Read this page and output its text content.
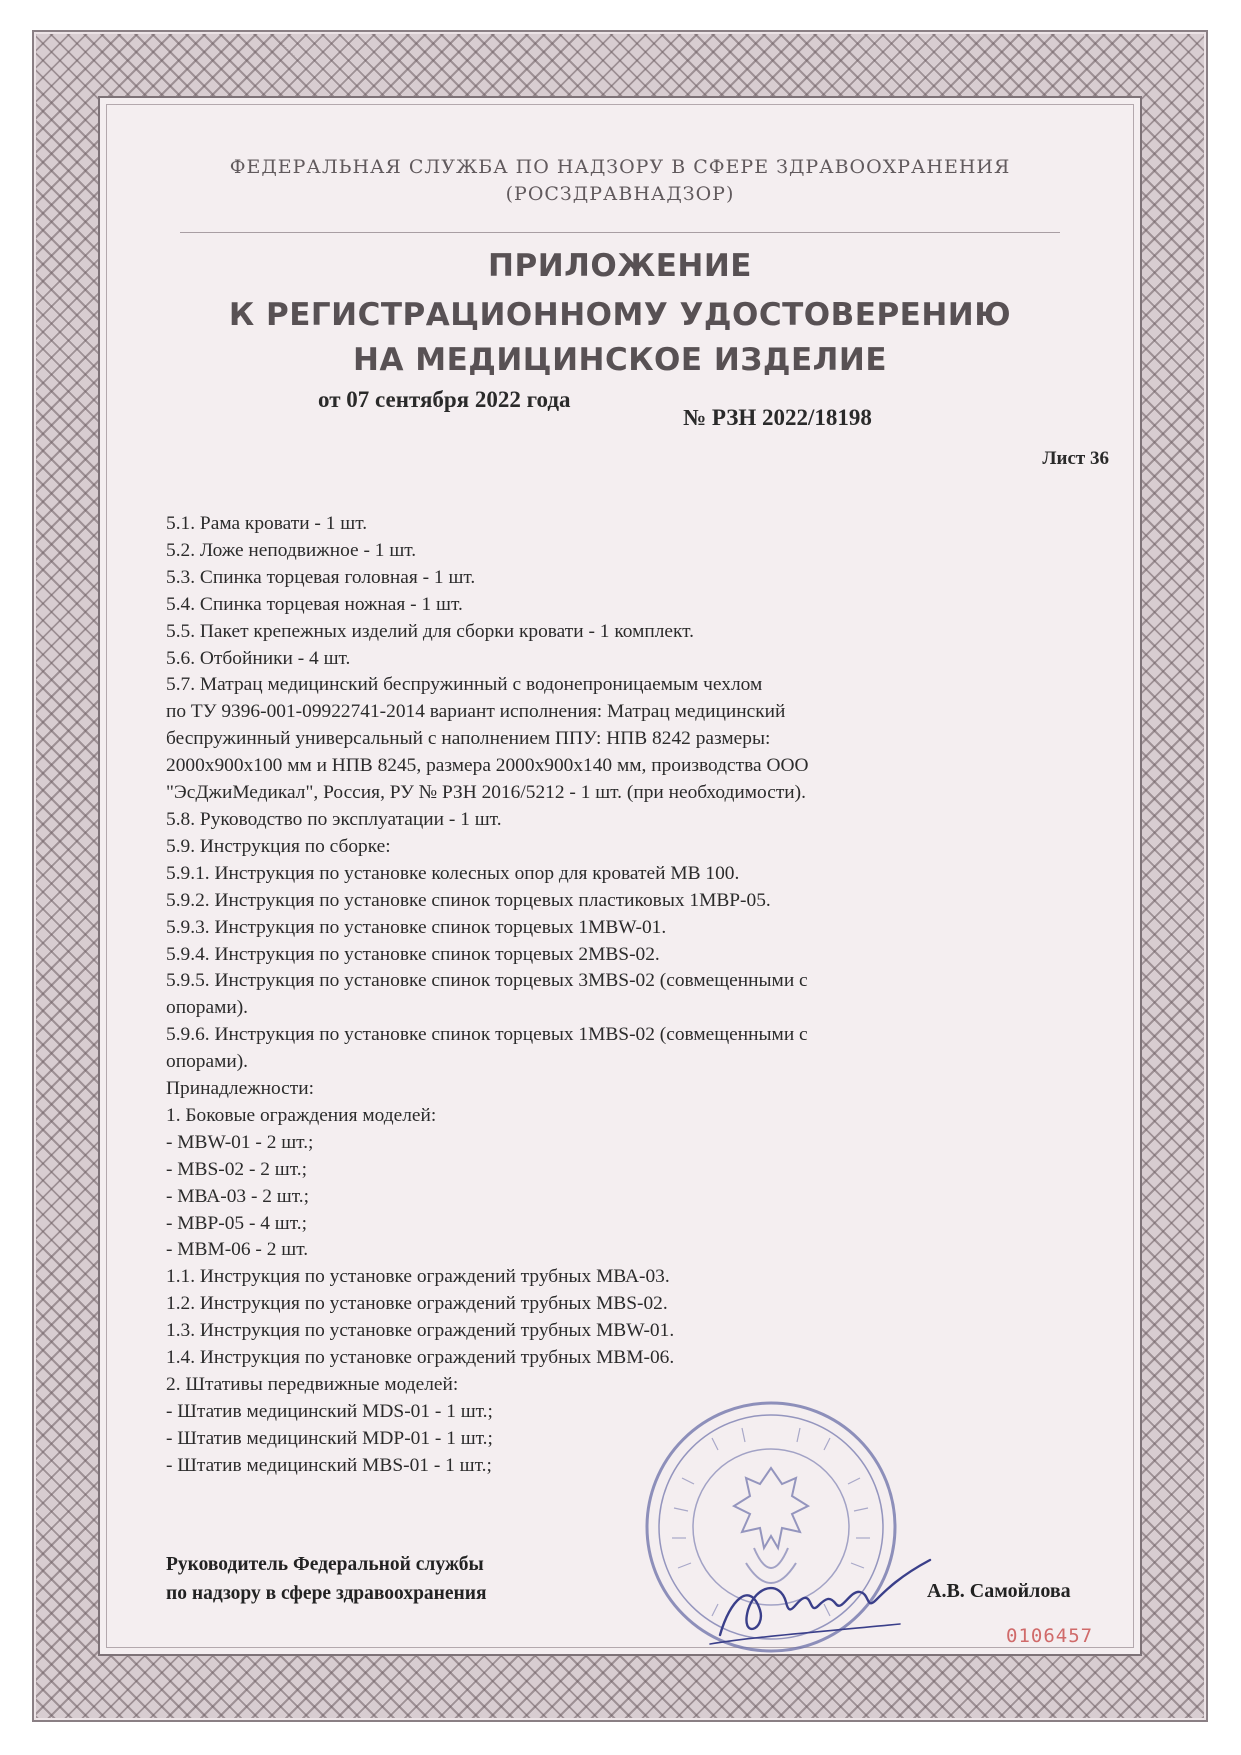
ФЕДЕРАЛЬНАЯ СЛУЖБА ПО НАДЗОРУ В СФЕРЕ ЗДРАВООХРАНЕНИЯ
(РОСЗДРАВНАДЗОР)
ПРИЛОЖЕНИЕ
К РЕГИСТРАЦИОННОМУ УДОСТОВЕРЕНИЮ
НА МЕДИЦИНСКОЕ ИЗДЕЛИЕ
от 07 сентября 2022 года
№ РЗН 2022/18198
Лист 36
5.1. Рама кровати - 1 шт.
5.2. Ложе неподвижное - 1 шт.
5.3. Спинка торцевая головная - 1 шт.
5.4. Спинка торцевая ножная - 1 шт.
5.5. Пакет крепежных изделий для сборки кровати - 1 комплект.
5.6. Отбойники - 4 шт.
5.7. Матрац медицинский беспружинный с водонепроницаемым чехлом
по ТУ 9396-001-09922741-2014 вариант исполнения: Матрац медицинский
беспружинный универсальный с наполнением ППУ: НПВ 8242 размеры:
2000х900х100 мм и НПВ 8245, размера 2000х900х140 мм, производства ООО
"ЭсДжиМедикал", Россия, РУ № РЗН 2016/5212 - 1 шт. (при необходимости).
5.8. Руководство по эксплуатации - 1 шт.
5.9. Инструкция по сборке:
5.9.1. Инструкция по установке колесных опор для кроватей МВ 100.
5.9.2. Инструкция по установке спинок торцевых пластиковых 1МВР-05.
5.9.3. Инструкция по установке спинок торцевых 1MBW-01.
5.9.4. Инструкция по установке спинок торцевых 2MBS-02.
5.9.5. Инструкция по установке спинок торцевых 3MBS-02 (совмещенными с
опорами).
5.9.6. Инструкция по установке спинок торцевых 1MBS-02 (совмещенными с
опорами).
Принадлежности:
1. Боковые ограждения моделей:
- MBW-01 - 2 шт.;
- MBS-02 - 2 шт.;
- МВА-03 - 2 шт.;
- МВР-05 - 4 шт.;
- МВМ-06 - 2 шт.
1.1. Инструкция по установке ограждений трубных МВА-03.
1.2. Инструкция по установке ограждений трубных MBS-02.
1.3. Инструкция по установке ограждений трубных MBW-01.
1.4. Инструкция по установке ограждений трубных МВМ-06.
2. Штативы передвижные моделей:
- Штатив медицинский MDS-01 - 1 шт.;
- Штатив медицинский MDP-01 - 1 шт.;
- Штатив медицинский MBS-01 - 1 шт.;
Руководитель Федеральной службы
по надзору в сфере здравоохранения	А.В. Самойлова
0106457
